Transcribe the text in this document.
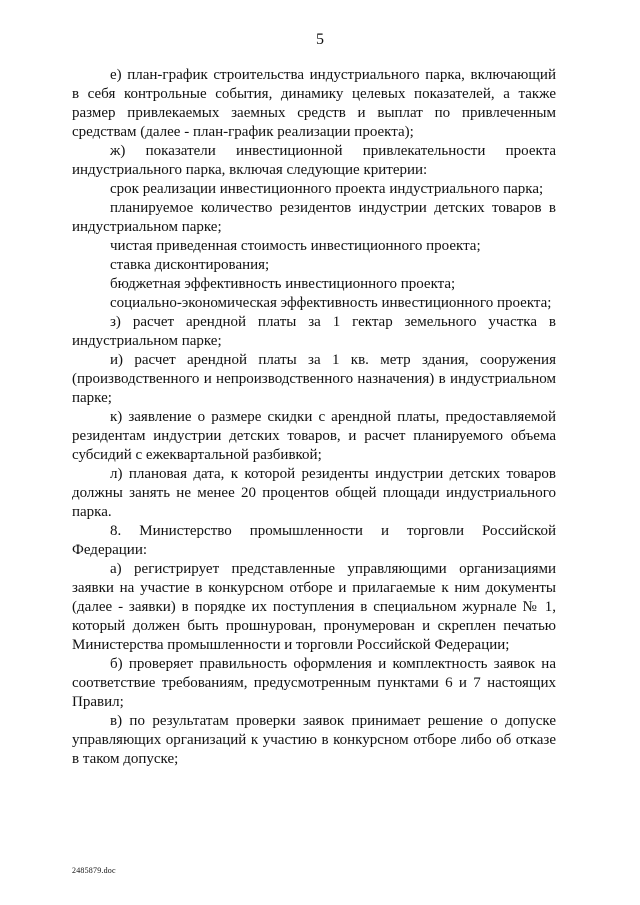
5

е) план-график строительства индустриального парка, включающий в себя контрольные события, динамику целевых показателей, а также размер привлекаемых заемных средств и выплат по привлеченным средствам (далее - план-график реализации проекта);

ж) показатели инвестиционной привлекательности проекта индустриального парка, включая следующие критерии:

срок реализации инвестиционного проекта индустриального парка;

планируемое количество резидентов индустрии детских товаров в индустриальном парке;

чистая приведенная стоимость инвестиционного проекта;

ставка дисконтирования;

бюджетная эффективность инвестиционного проекта;

социально-экономическая эффективность инвестиционного проекта;

з) расчет арендной платы за 1 гектар земельного участка в индустриальном парке;

и) расчет арендной платы за 1 кв. метр здания, сооружения (производственного и непроизводственного назначения) в индустриальном парке;

к) заявление о размере скидки с арендной платы, предоставляемой резидентам индустрии детских товаров, и расчет планируемого объема субсидий с ежеквартальной разбивкой;

л) плановая дата, к которой резиденты индустрии детских товаров должны занять не менее 20 процентов общей площади индустриального парка.

8. Министерство промышленности и торговли Российской Федерации:

а) регистрирует представленные управляющими организациями заявки на участие в конкурсном отборе и прилагаемые к ним документы (далее - заявки) в порядке их поступления в специальном журнале № 1, который должен быть прошнурован, пронумерован и скреплен печатью Министерства промышленности и торговли Российской Федерации;

б) проверяет правильность оформления и комплектность заявок на соответствие требованиям, предусмотренным пунктами 6 и 7 настоящих Правил;

в) по результатам проверки заявок принимает решение о допуске управляющих организаций к участию в конкурсном отборе либо об отказе в таком допуске;

2485879.doc
